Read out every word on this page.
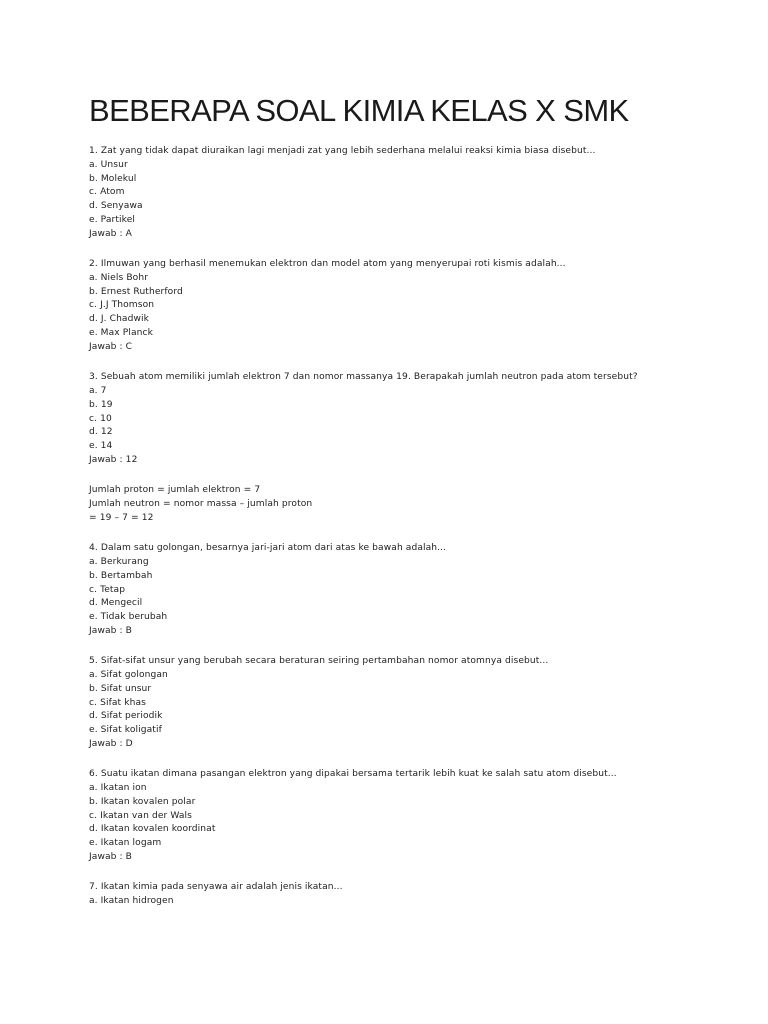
BEBERAPA SOAL KIMIA KELAS X SMK
1. Zat yang tidak dapat diuraikan lagi menjadi zat yang lebih sederhana melalui reaksi kimia biasa disebut...
a. Unsur
b. Molekul
c. Atom
d. Senyawa
e. Partikel
Jawab : A
2. Ilmuwan yang berhasil menemukan elektron dan model atom yang menyerupai roti kismis adalah...
a. Niels Bohr
b. Ernest Rutherford
c. J.J Thomson
d. J. Chadwik
e. Max Planck
Jawab : C
3. Sebuah atom memiliki jumlah elektron 7 dan nomor massanya 19. Berapakah jumlah neutron pada atom tersebut?
a. 7
b. 19
c. 10
d. 12
e. 14
Jawab : 12
Jumlah proton = jumlah elektron = 7
Jumlah neutron = nomor massa – jumlah proton
= 19 – 7 = 12
4. Dalam satu golongan, besarnya jari-jari atom dari atas ke bawah adalah...
a. Berkurang
b. Bertambah
c. Tetap
d. Mengecil
e. Tidak berubah
Jawab : B
5. Sifat-sifat unsur yang berubah secara beraturan seiring pertambahan nomor atomnya disebut...
a. Sifat golongan
b. Sifat unsur
c. Sifat khas
d. Sifat periodik
e. Sifat koligatif
Jawab : D
6. Suatu ikatan dimana pasangan elektron yang dipakai bersama tertarik lebih kuat ke salah satu atom disebut...
a. Ikatan ion
b. Ikatan kovalen polar
c. Ikatan van der Wals
d. Ikatan kovalen koordinat
e. Ikatan logam
Jawab : B
7. Ikatan kimia pada senyawa air adalah jenis ikatan...
a. Ikatan hidrogen
